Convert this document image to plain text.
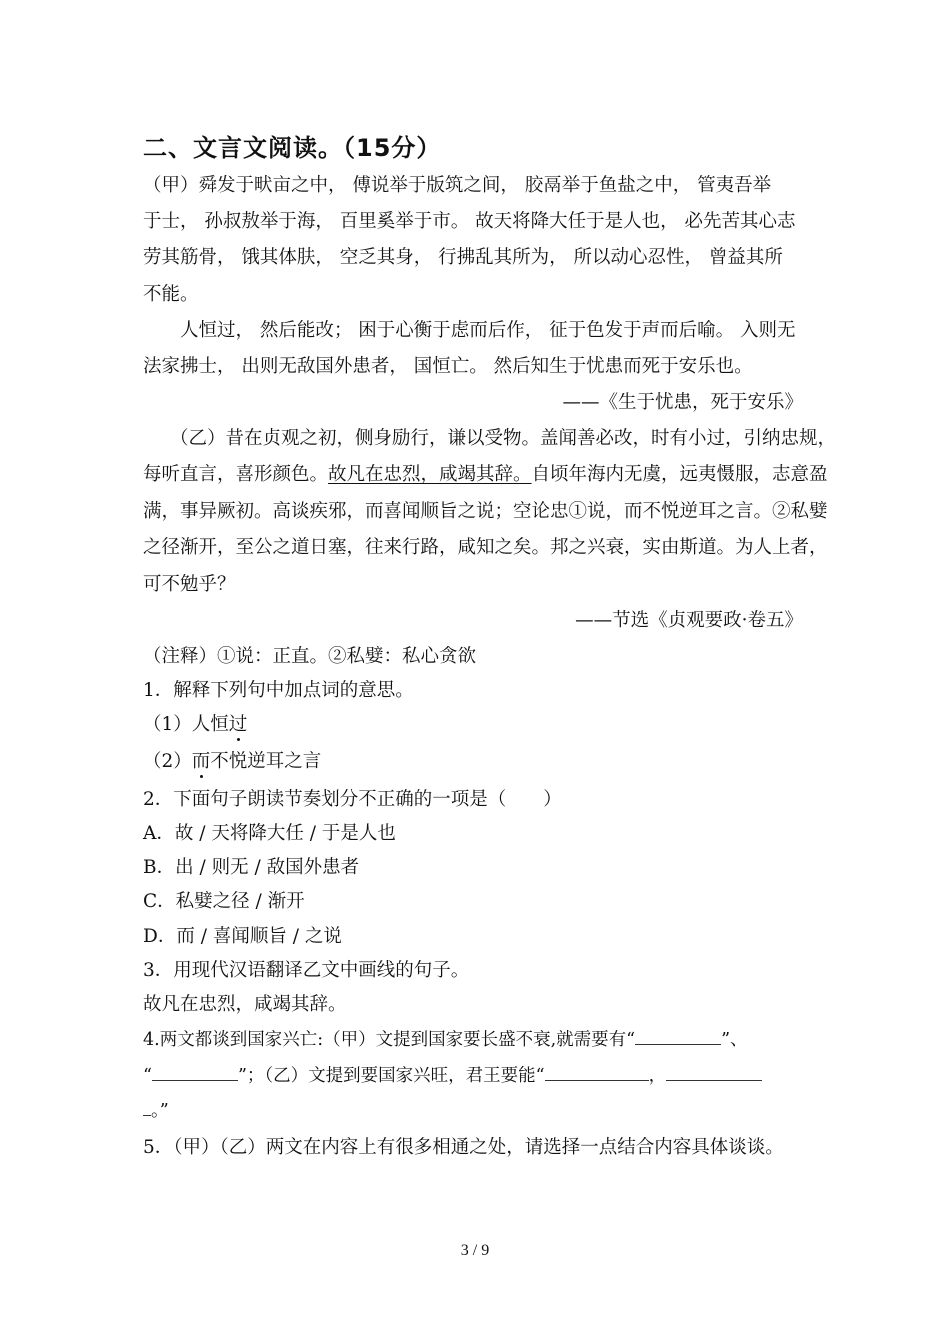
二、文言文阅读。（15分）
（甲）舜发于畎亩之中， 傅说举于版筑之间， 胶鬲举于鱼盐之中， 管夷吾举
于士， 孙叔敖举于海， 百里奚举于市。 故天将降大任于是人也， 必先苦其心志
劳其筋骨， 饿其体肤， 空乏其身， 行拂乱其所为， 所以动心忍性， 曾益其所
不能。
人恒过， 然后能改； 困于心衡于虑而后作， 征于色发于声而后喻。 入则无
法家拂士， 出则无敌国外患者， 国恒亡。 然后知生于忧患而死于安乐也。
——《生于忧患，死于安乐》
（乙）昔在贞观之初，侧身励行，谦以受物。盖闻善必改，时有小过，引纳忠规，
每听直言，喜形颜色。故凡在忠烈，咸竭其辞。自顷年海内无虞，远夷慑服，志意盈
满，事异厥初。高谈疾邪，而喜闻顺旨之说；空论忠①说，而不悦逆耳之言。②私嬖
之径渐开，至公之道日塞，往来行路，咸知之矣。邦之兴衰，实由斯道。为人上者，
可不勉乎？
——节选《贞观要政·卷五》
（注释）①说：正直。②私嬖：私心贪欲
1．解释下列句中加点词的意思。
（1）人恒过
（2）而不悦逆耳之言
2．下面句子朗读节奏划分不正确的一项是（　　）
A．故 / 天将降大任 / 于是人也
B．出 / 则无 / 敌国外患者
C．私嬖之径 / 渐开
D．而 / 喜闻顺旨 / 之说
3．用现代汉语翻译乙文中画线的句子。
故凡在忠烈，咸竭其辞。
4.两文都谈到国家兴亡:（甲）文提到国家要长盛不衰,就需要有“	”、
“	”；（乙）文提到要国家兴旺，君王要能“	，
。”
5．（甲）（乙）两文在内容上有很多相通之处，请选择一点结合内容具体谈谈。
3 / 9
